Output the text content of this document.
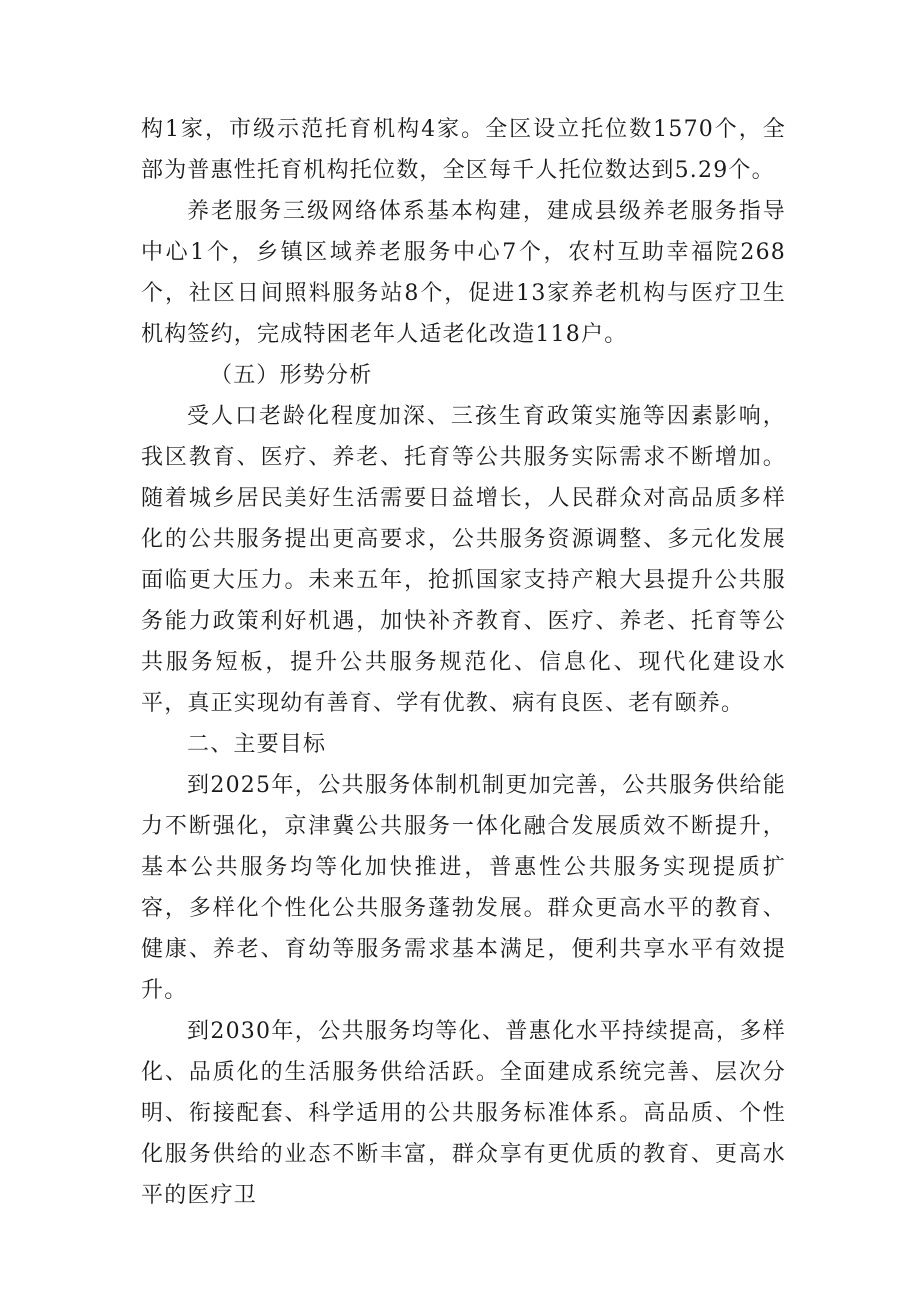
构1家，市级示范托育机构4家。全区设立托位数1570个，全部为普惠性托育机构托位数，全区每千人托位数达到5.29个。

养老服务三级网络体系基本构建，建成县级养老服务指导中心1个，乡镇区域养老服务中心7个，农村互助幸福院268个，社区日间照料服务站8个，促进13家养老机构与医疗卫生机构签约，完成特困老年人适老化改造118户。

（五）形势分析

受人口老龄化程度加深、三孩生育政策实施等因素影响，我区教育、医疗、养老、托育等公共服务实际需求不断增加。随着城乡居民美好生活需要日益增长，人民群众对高品质多样化的公共服务提出更高要求，公共服务资源调整、多元化发展面临更大压力。未来五年，抢抓国家支持产粮大县提升公共服务能力政策利好机遇，加快补齐教育、医疗、养老、托育等公共服务短板，提升公共服务规范化、信息化、现代化建设水平，真正实现幼有善育、学有优教、病有良医、老有颐养。

二、主要目标

到2025年，公共服务体制机制更加完善，公共服务供给能力不断强化，京津冀公共服务一体化融合发展质效不断提升，基本公共服务均等化加快推进，普惠性公共服务实现提质扩容，多样化个性化公共服务蓬勃发展。群众更高水平的教育、健康、养老、育幼等服务需求基本满足，便利共享水平有效提升。

到2030年，公共服务均等化、普惠化水平持续提高，多样化、品质化的生活服务供给活跃。全面建成系统完善、层次分明、衔接配套、科学适用的公共服务标准体系。高品质、个性化服务供给的业态不断丰富，群众享有更优质的教育、更高水平的医疗卫
